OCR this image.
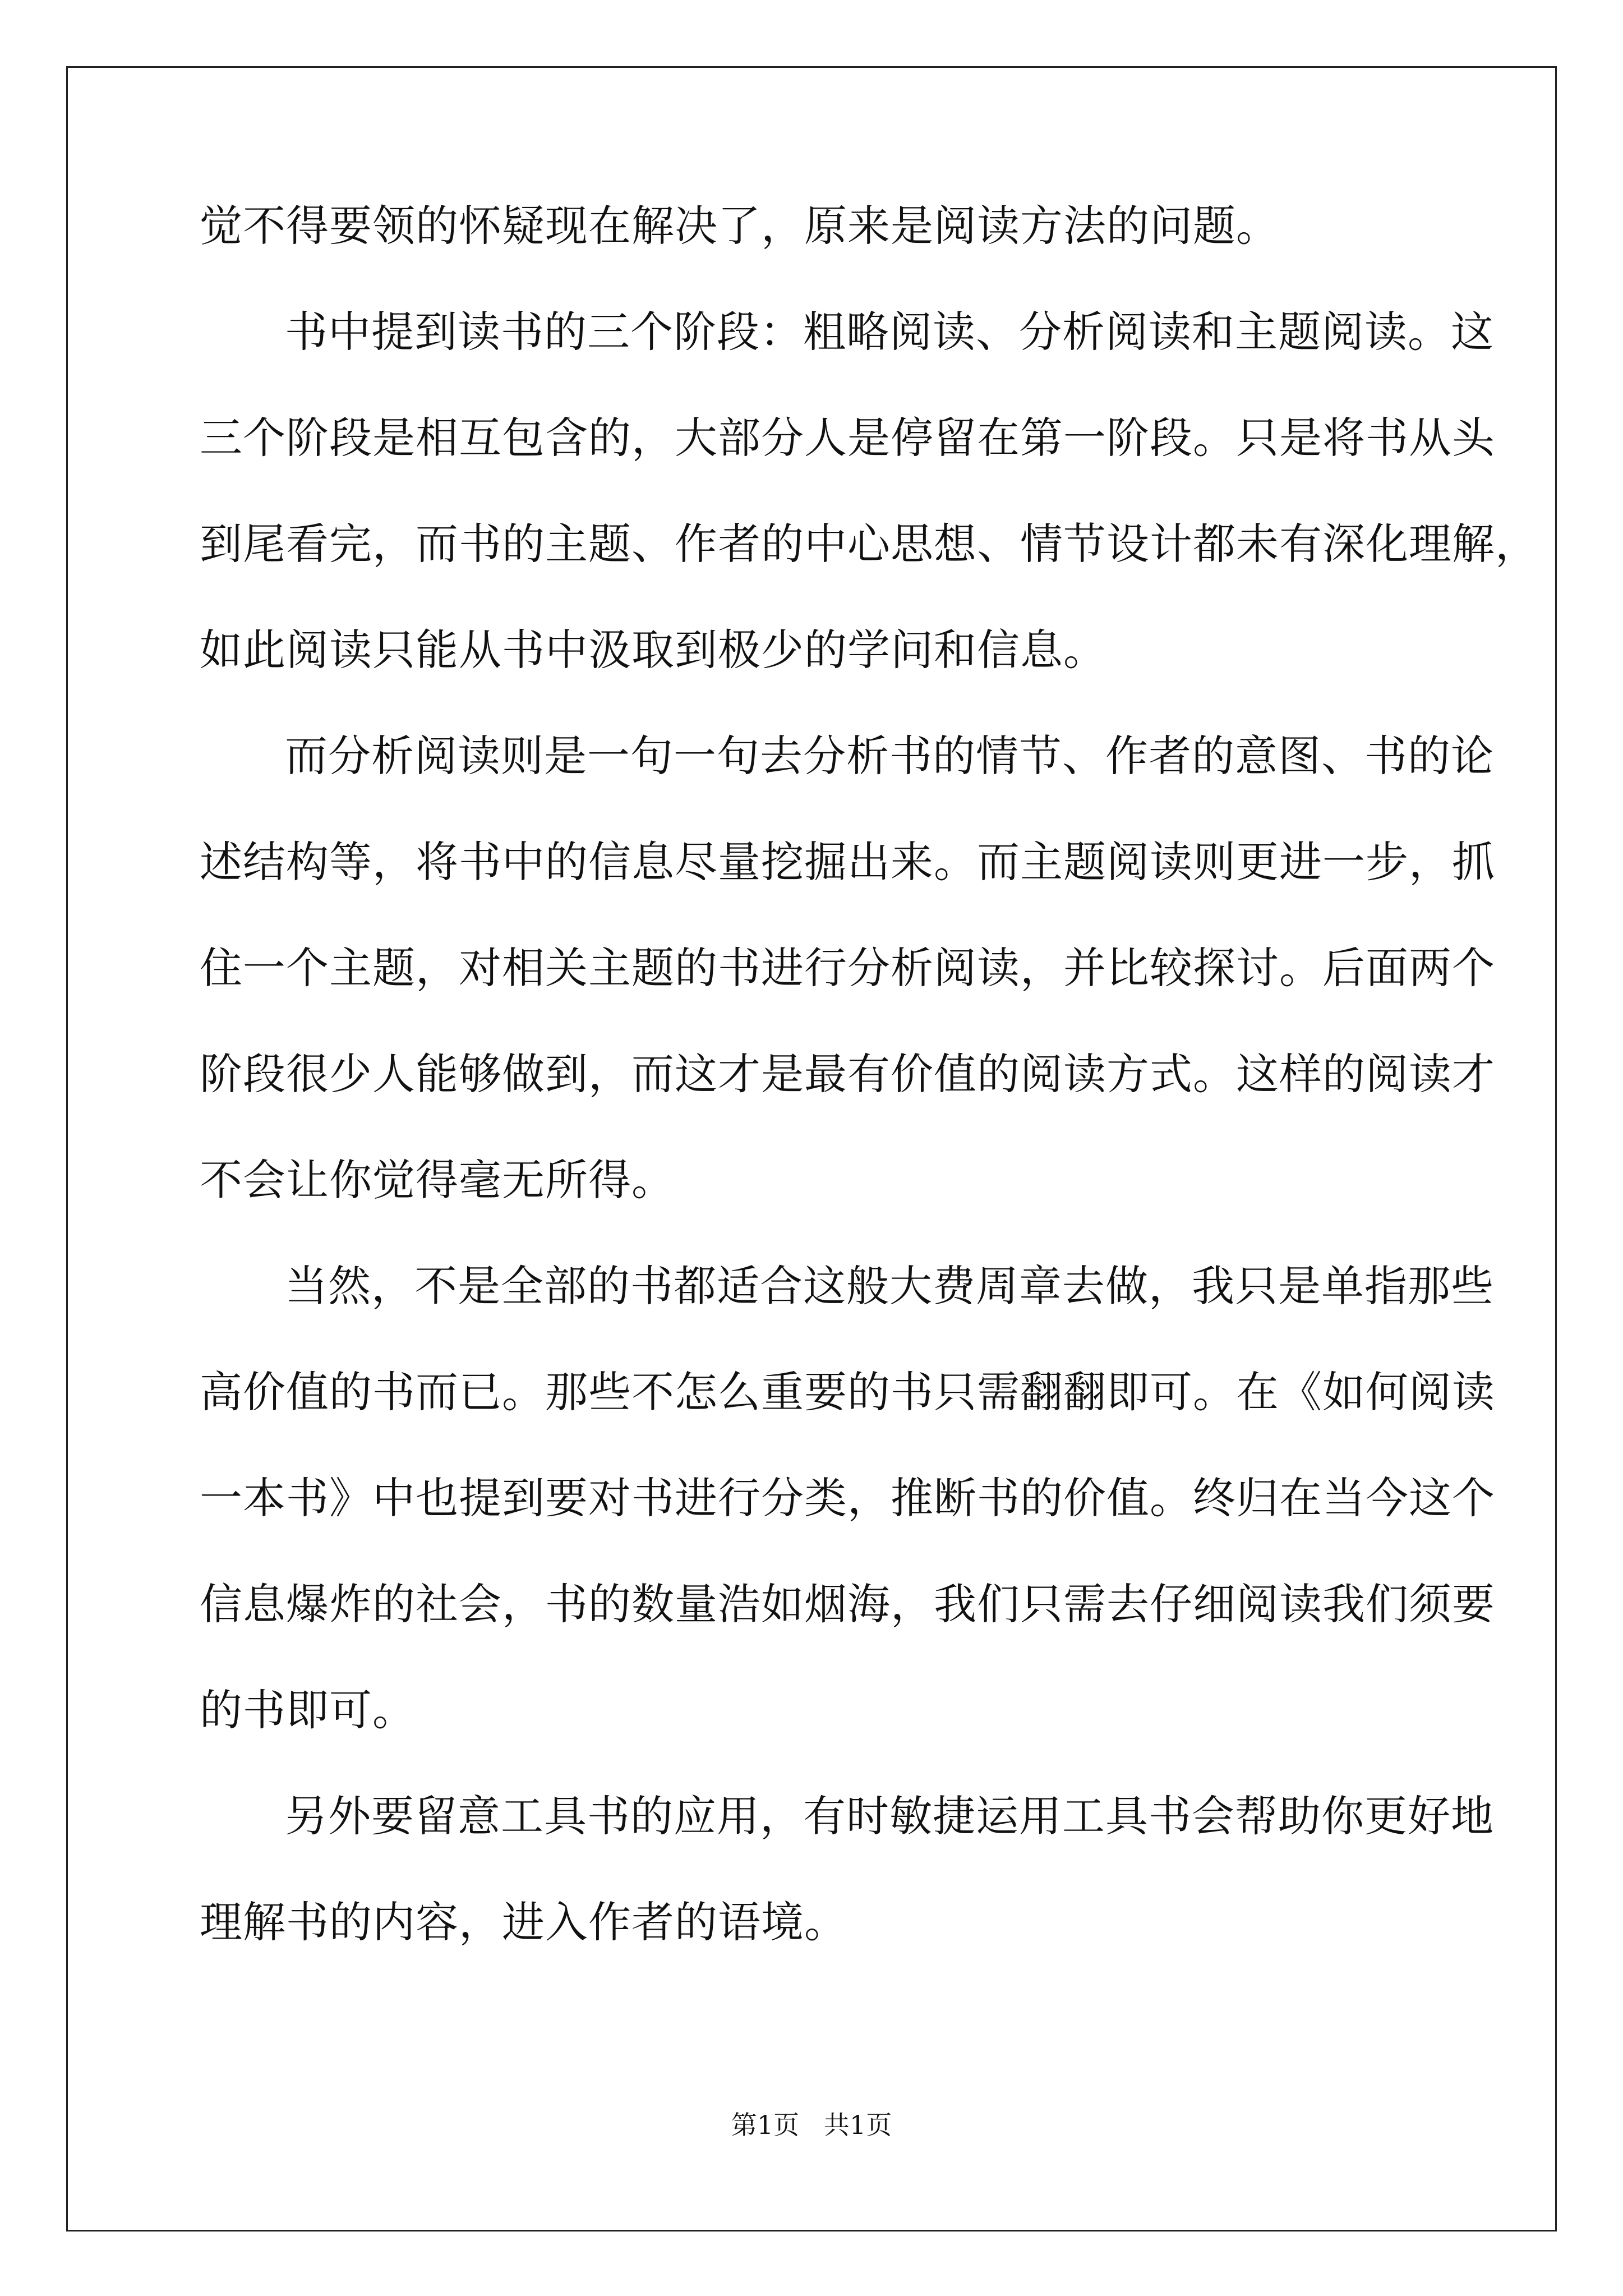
觉不得要领的怀疑现在解决了，原来是阅读方法的问题。
书中提到读书的三个阶段：粗略阅读、分析阅读和主题阅读。这
三个阶段是相互包含的，大部分人是停留在第一阶段。只是将书从头
到尾看完，而书的主题、作者的中心思想、情节设计都未有深化理解，
如此阅读只能从书中汲取到极少的学问和信息。
而分析阅读则是一句一句去分析书的情节、作者的意图、书的论
述结构等，将书中的信息尽量挖掘出来。而主题阅读则更进一步，抓
住一个主题，对相关主题的书进行分析阅读，并比较探讨。后面两个
阶段很少人能够做到，而这才是最有价值的阅读方式。这样的阅读才
不会让你觉得毫无所得。
当然，不是全部的书都适合这般大费周章去做，我只是单指那些
高价值的书而已。那些不怎么重要的书只需翻翻即可。在《如何阅读
一本书》中也提到要对书进行分类，推断书的价值。终归在当今这个
信息爆炸的社会，书的数量浩如烟海，我们只需去仔细阅读我们须要
的书即可。
另外要留意工具书的应用，有时敏捷运用工具书会帮助你更好地
理解书的内容，进入作者的语境。
第1页   共1页
